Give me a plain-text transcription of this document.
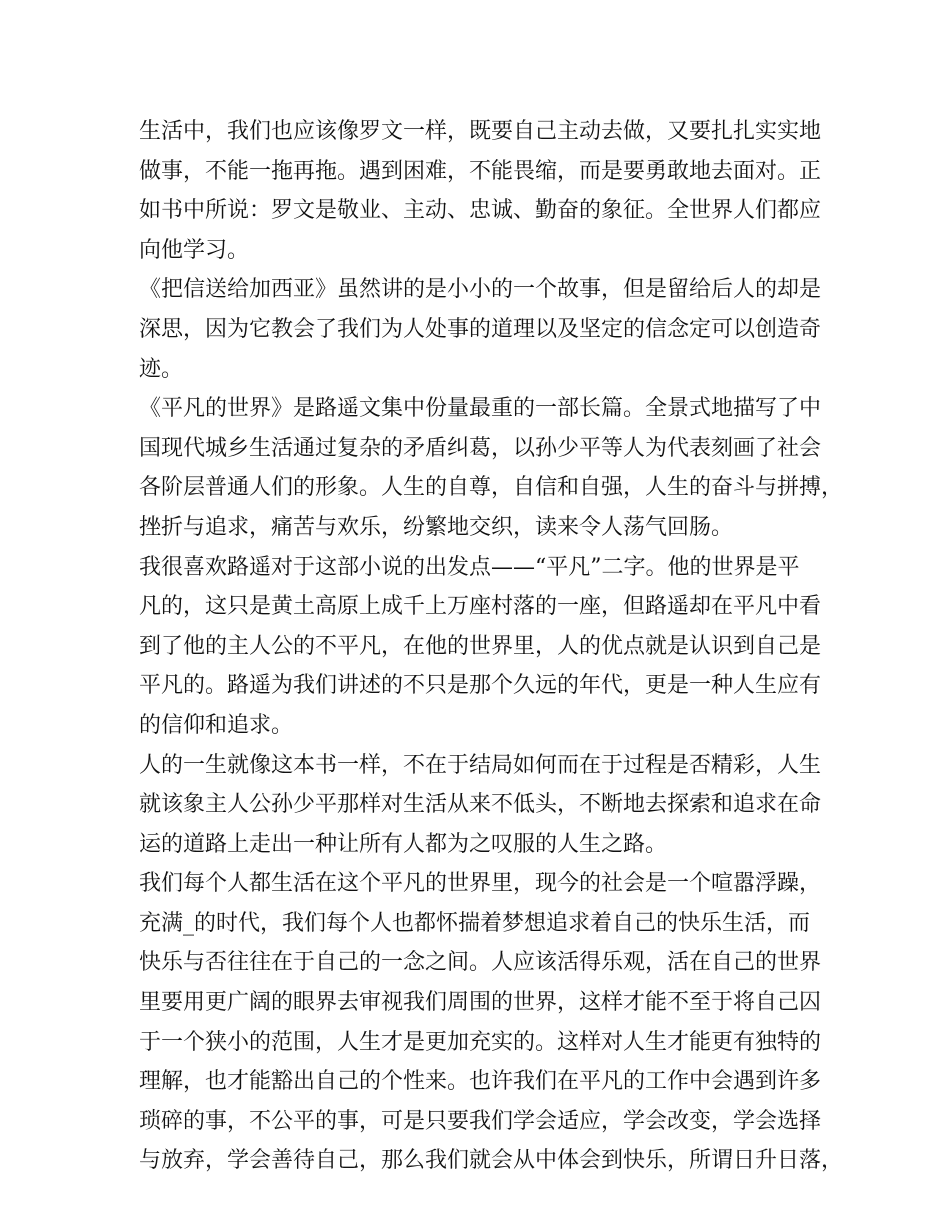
生活中，我们也应该像罗文一样，既要自己主动去做，又要扎扎实实地
做事，不能一拖再拖。遇到困难，不能畏缩，而是要勇敢地去面对。正
如书中所说：罗文是敬业、主动、忠诚、勤奋的象征。全世界人们都应
向他学习。
《把信送给加西亚》虽然讲的是小小的一个故事，但是留给后人的却是
深思，因为它教会了我们为人处事的道理以及坚定的信念定可以创造奇
迹。
《平凡的世界》是路遥文集中份量最重的一部长篇。全景式地描写了中
国现代城乡生活通过复杂的矛盾纠葛，以孙少平等人为代表刻画了社会
各阶层普通人们的形象。人生的自尊，自信和自强，人生的奋斗与拼搏，
挫折与追求，痛苦与欢乐，纷繁地交织，读来令人荡气回肠。
我很喜欢路遥对于这部小说的出发点——“平凡”二字。他的世界是平
凡的，这只是黄土高原上成千上万座村落的一座，但路遥却在平凡中看
到了他的主人公的不平凡，在他的世界里，人的优点就是认识到自己是
平凡的。路遥为我们讲述的不只是那个久远的年代，更是一种人生应有
的信仰和追求。
人的一生就像这本书一样，不在于结局如何而在于过程是否精彩，人生
就该象主人公孙少平那样对生活从来不低头，不断地去探索和追求在命
运的道路上走出一种让所有人都为之叹服的人生之路。
我们每个人都生活在这个平凡的世界里，现今的社会是一个喧嚣浮躁，
充满_的时代，我们每个人也都怀揣着梦想追求着自己的快乐生活，而
快乐与否往往在于自己的一念之间。人应该活得乐观，活在自己的世界
里要用更广阔的眼界去审视我们周围的世界，这样才能不至于将自己囚
于一个狭小的范围，人生才是更加充实的。这样对人生才能更有独特的
理解，也才能豁出自己的个性来。也许我们在平凡的工作中会遇到许多
琐碎的事，不公平的事，可是只要我们学会适应，学会改变，学会选择
与放弃，学会善待自己，那么我们就会从中体会到快乐，所谓日升日落，
